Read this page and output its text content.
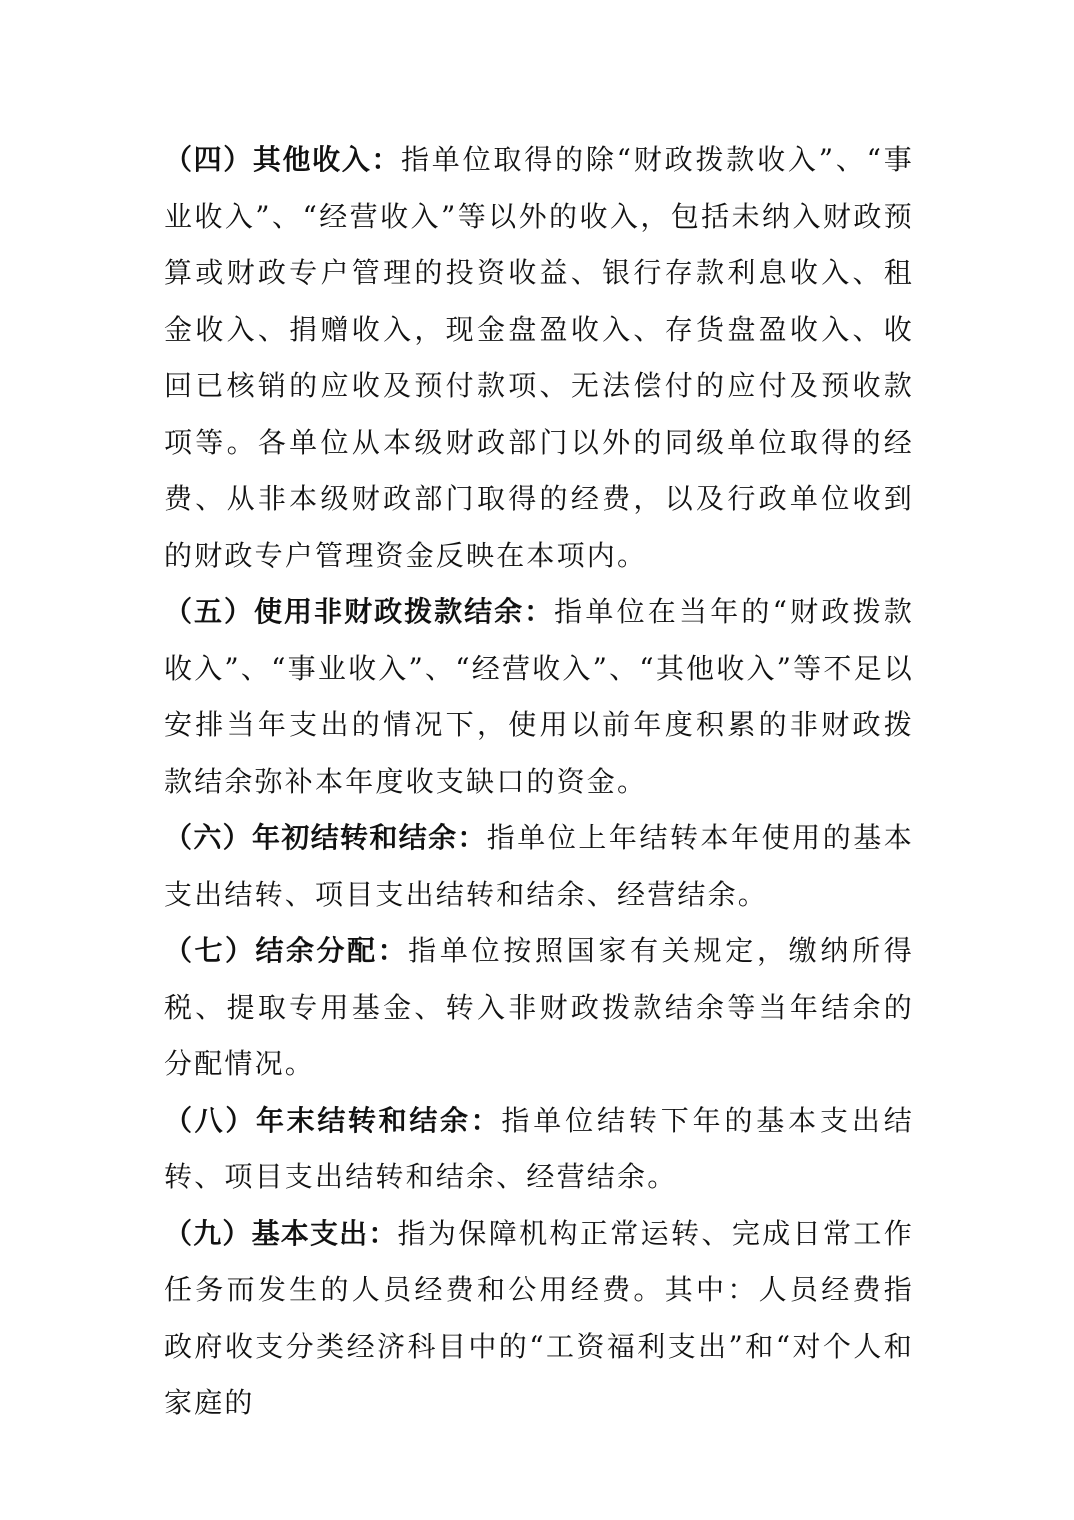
（四）其他收入：指单位取得的除“财政拨款收入”、“事业收入”、“经营收入”等以外的收入，包括未纳入财政预算或财政专户管理的投资收益、银行存款利息收入、租金收入、捐赠收入，现金盘盈收入、存货盘盈收入、收回已核销的应收及预付款项、无法偿付的应付及预收款项等。各单位从本级财政部门以外的同级单位取得的经费、从非本级财政部门取得的经费，以及行政单位收到的财政专户管理资金反映在本项内。

（五）使用非财政拨款结余：指单位在当年的“财政拨款收入”、“事业收入”、“经营收入”、“其他收入”等不足以安排当年支出的情况下，使用以前年度积累的非财政拨款结余弥补本年度收支缺口的资金。

（六）年初结转和结余：指单位上年结转本年使用的基本支出结转、项目支出结转和结余、经营结余。

（七）结余分配：指单位按照国家有关规定，缴纳所得税、提取专用基金、转入非财政拨款结余等当年结余的分配情况。

（八）年末结转和结余：指单位结转下年的基本支出结转、项目支出结转和结余、经营结余。

（九）基本支出：指为保障机构正常运转、完成日常工作任务而发生的人员经费和公用经费。其中：人员经费指政府收支分类经济科目中的“工资福利支出”和“对个人和家庭的
